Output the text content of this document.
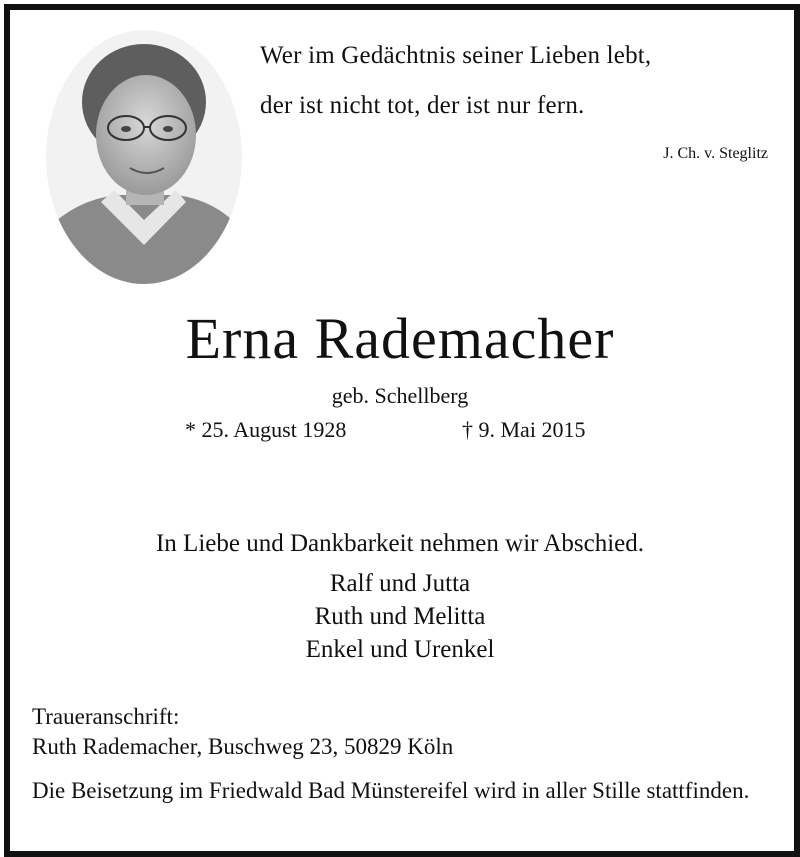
Wer im Gedächtnis seiner Lieben lebt,
der ist nicht tot, der ist nur fern.
J. Ch. v. Steglitz
Erna Rademacher
geb. Schellberg
* 25. August 1928	† 9. Mai 2015
In Liebe und Dankbarkeit nehmen wir Abschied.
Ralf und Jutta
Ruth und Melitta
Enkel und Urenkel
Traueranschrift:
Ruth Rademacher, Buschweg 23, 50829 Köln
Die Beisetzung im Friedwald Bad Münstereifel wird in aller Stille stattfinden.
